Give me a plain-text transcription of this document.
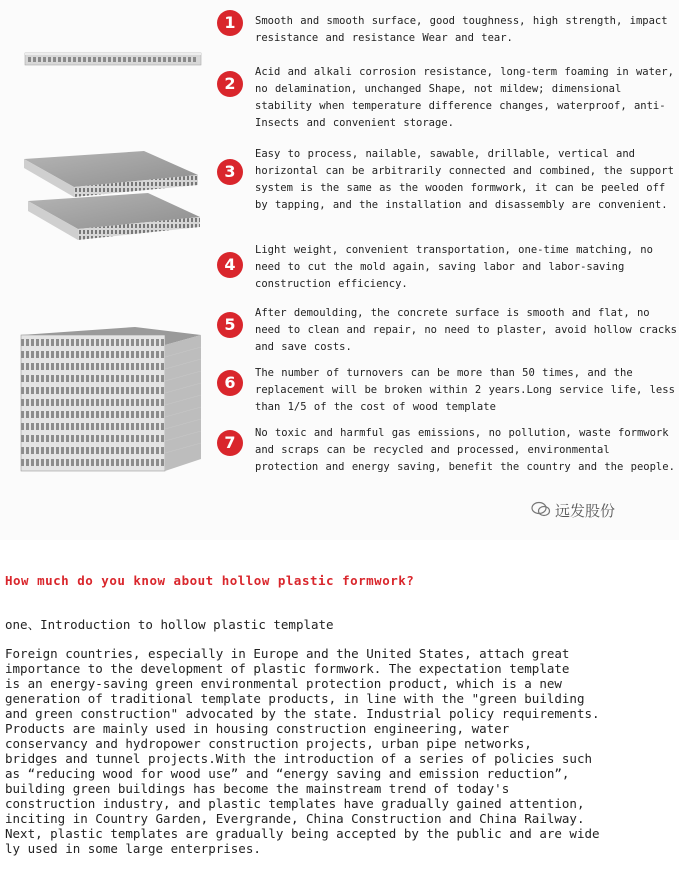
1	Smooth and smooth surface, good toughness, high strength, impact resistance and resistance Wear and tear.
2
Acid and alkali corrosion resistance, long-term foaming in water, no delamination, unchanged Shape, not mildew; dimensional stability when temperature difference changes, waterproof, anti-Insects and convenient storage.
3
Easy to process, nailable, sawable, drillable, vertical and horizontal can be arbitrarily connected and combined, the support system is the same as the wooden formwork, it can be peeled off by tapping, and the installation and disassembly are convenient.
4
Light weight, convenient transportation, one-time matching, no need to cut the mold again, saving labor and labor-saving construction efficiency.
5
After demoulding, the concrete surface is smooth and flat, no need to clean and repair, no need to plaster, avoid hollow cracks and save costs.
6	The number of turnovers can be more than 50 times, and the replacement will be broken within 2 years.Long service life, less than 1/5 of the cost of wood template
7	No toxic and harmful gas emissions, no pollution, waste formwork and scraps can be recycled and processed, environmental protection and energy saving, benefit the country and the people.
远发股份
How much do you know about hollow plastic formwork?
one、Introduction to hollow plastic template
Foreign countries, especially in Europe and the United States, attach great
importance to the development of plastic formwork. The expectation template
is an energy-saving green environmental protection product, which is a new
generation of traditional template products, in line with the "green building
and green construction" advocated by the state. Industrial policy requirements.
Products are mainly used in housing construction engineering, water
conservancy and hydropower construction projects, urban pipe networks,
bridges and tunnel projects.With the introduction of a series of policies such
as “reducing wood for wood use” and “energy saving and emission reduction”,
building green buildings has become the mainstream trend of today's
construction industry, and plastic templates have gradually gained attention,
inciting in Country Garden, Evergrande, China Construction and China Railway.
Next, plastic templates are gradually being accepted by the public and are wide
ly used in some large enterprises.
